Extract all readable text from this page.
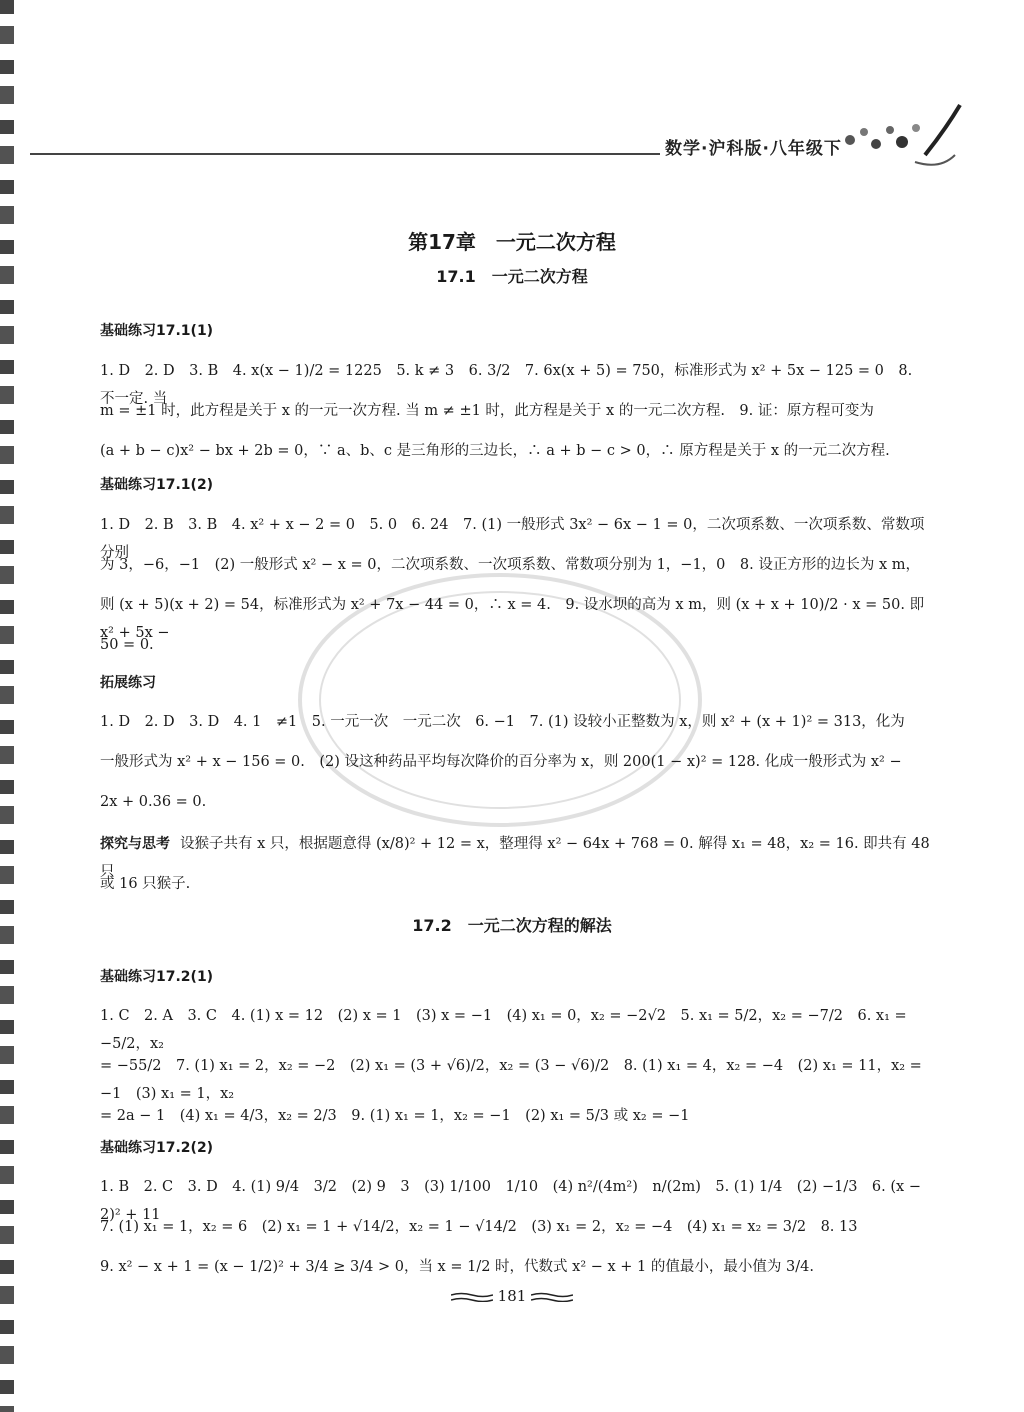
数学·沪科版·八年级下
第17章　一元二次方程
17.1　一元二次方程
基础练习17.1(1)
1. D　2. D　3. B　4. x(x − 1)/2 = 1225　5. k ≠ 3　6. 3/2　7. 6x(x + 5) = 750，标准形式为 x² + 5x − 125 = 0　8. 不一定. 当
m = ±1 时，此方程是关于 x 的一元一次方程. 当 m ≠ ±1 时，此方程是关于 x 的一元二次方程.　9. 证：原方程可变为
(a + b − c)x² − bx + 2b = 0，∵ a、b、c 是三角形的三边长，∴ a + b − c > 0，∴ 原方程是关于 x 的一元二次方程.
基础练习17.1(2)
1. D　2. B　3. B　4. x² + x − 2 = 0　5. 0　6. 24　7. (1) 一般形式 3x² − 6x − 1 = 0，二次项系数、一次项系数、常数项分别
为 3，−6，−1　(2) 一般形式 x² − x = 0，二次项系数、一次项系数、常数项分别为 1，−1，0　8. 设正方形的边长为 x m，
则 (x + 5)(x + 2) = 54，标准形式为 x² + 7x − 44 = 0，∴ x = 4.　9. 设水坝的高为 x m，则 (x + x + 10)/2 · x = 50. 即 x² + 5x −
50 = 0.
拓展练习
1. D　2. D　3. D　4. 1　≠1　5. 一元一次　一元二次　6. −1　7. (1) 设较小正整数为 x，则 x² + (x + 1)² = 313，化为
一般形式为 x² + x − 156 = 0.　(2) 设这种药品平均每次降价的百分率为 x，则 200(1 − x)² = 128. 化成一般形式为 x² −
2x + 0.36 = 0.
探究与思考 设猴子共有 x 只，根据题意得 (x/8)² + 12 = x，整理得 x² − 64x + 768 = 0. 解得 x₁ = 48，x₂ = 16. 即共有 48 只
或 16 只猴子.
17.2　一元二次方程的解法
基础练习17.2(1)
1. C　2. A　3. C　4. (1) x = 12　(2) x = 1　(3) x = −1　(4) x₁ = 0，x₂ = −2√2　5. x₁ = 5/2，x₂ = −7/2　6. x₁ = −5/2，x₂
= −55/2　7. (1) x₁ = 2，x₂ = −2　(2) x₁ = (3 + √6)/2，x₂ = (3 − √6)/2　8. (1) x₁ = 4，x₂ = −4　(2) x₁ = 11，x₂ = −1　(3) x₁ = 1，x₂
= 2a − 1　(4) x₁ = 4/3，x₂ = 2/3　9. (1) x₁ = 1，x₂ = −1　(2) x₁ = 5/3 或 x₂ = −1
基础练习17.2(2)
1. B　2. C　3. D　4. (1) 9/4　3/2　(2) 9　3　(3) 1/100　1/10　(4) n²/(4m²)　n/(2m)　5. (1) 1/4　(2) −1/3　6. (x − 2)² + 11
7. (1) x₁ = 1，x₂ = 6　(2) x₁ = 1 + √14/2，x₂ = 1 − √14/2　(3) x₁ = 2，x₂ = −4　(4) x₁ = x₂ = 3/2　8. 13
9. x² − x + 1 = (x − 1/2)² + 3/4 ≥ 3/4 > 0，当 x = 1/2 时，代数式 x² − x + 1 的值最小，最小值为 3/4.
181
